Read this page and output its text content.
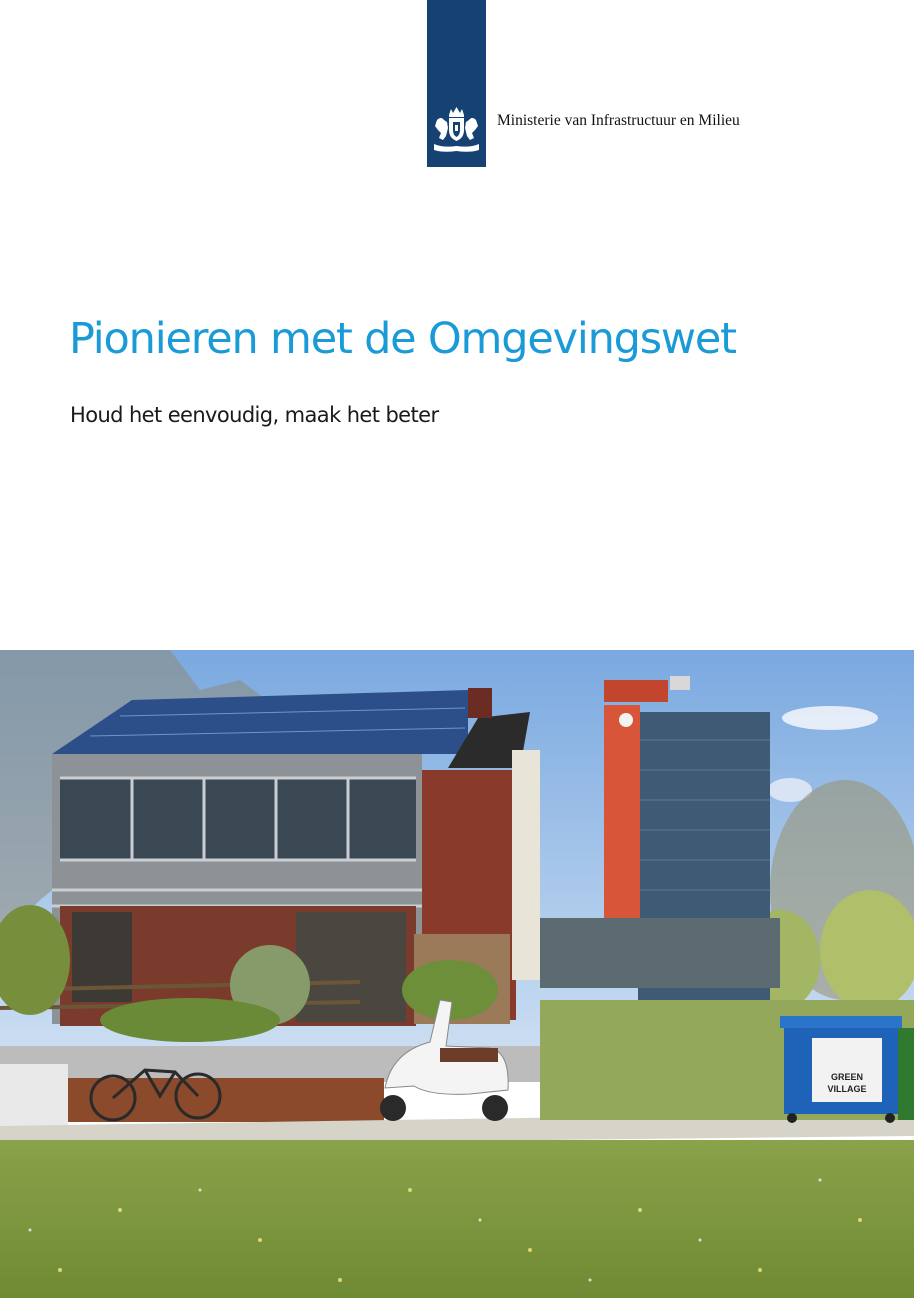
Ministerie van Infrastructuur en Milieu
Pionieren met de Omgevingswet
Houd het eenvoudig, maak het beter
GREEN
VILLAGE
